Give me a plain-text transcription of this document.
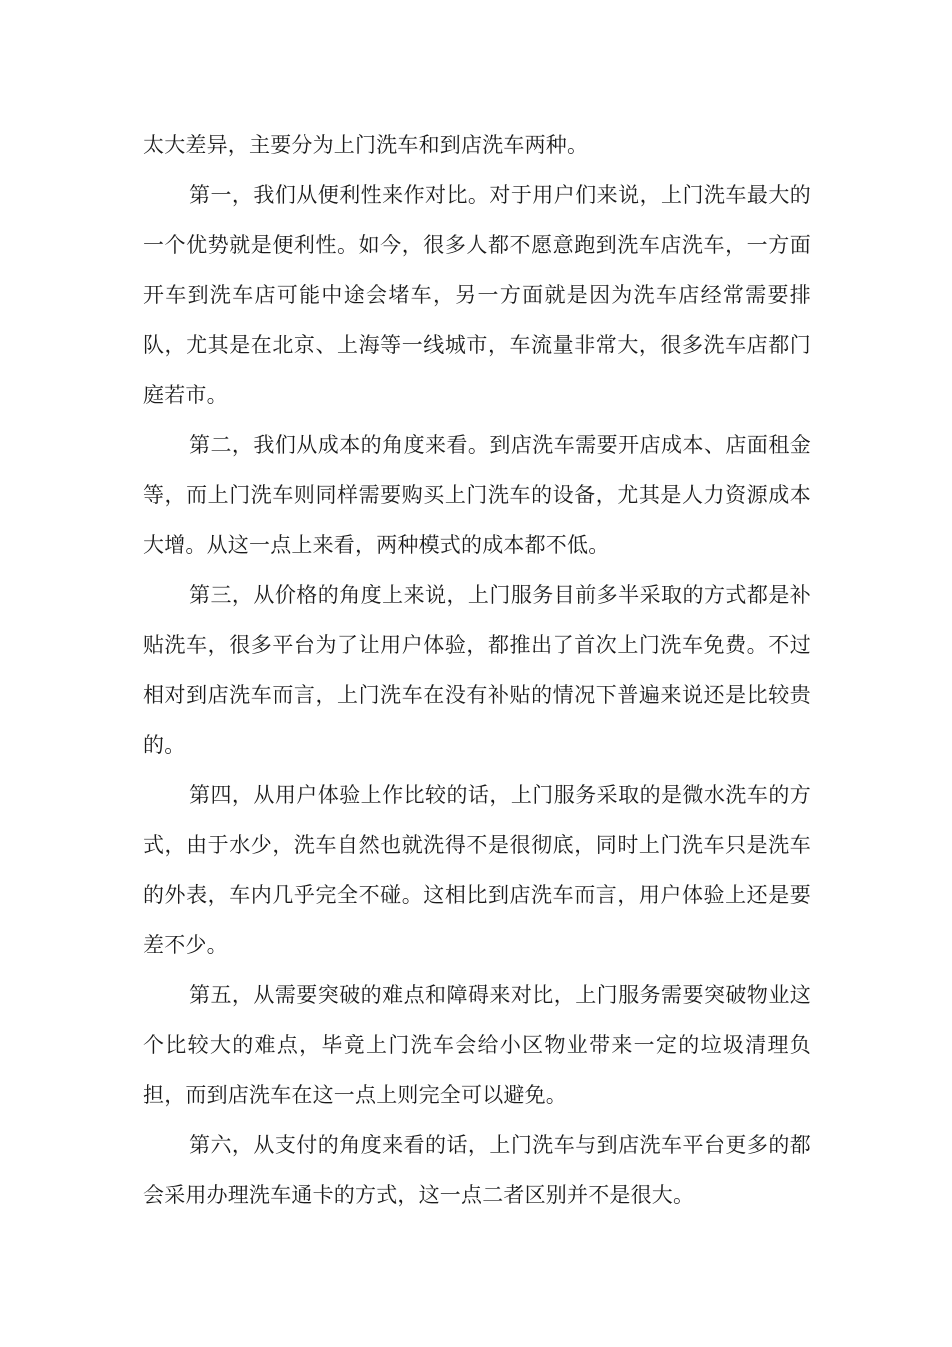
太大差异，主要分为上门洗车和到店洗车两种。

第一，我们从便利性来作对比。对于用户们来说，上门洗车最大的一个优势就是便利性。如今，很多人都不愿意跑到洗车店洗车，一方面开车到洗车店可能中途会堵车，另一方面就是因为洗车店经常需要排队，尤其是在北京、上海等一线城市，车流量非常大，很多洗车店都门庭若市。

第二，我们从成本的角度来看。到店洗车需要开店成本、店面租金等，而上门洗车则同样需要购买上门洗车的设备，尤其是人力资源成本大增。从这一点上来看，两种模式的成本都不低。

第三，从价格的角度上来说，上门服务目前多半采取的方式都是补贴洗车，很多平台为了让用户体验，都推出了首次上门洗车免费。不过相对到店洗车而言，上门洗车在没有补贴的情况下普遍来说还是比较贵的。

第四，从用户体验上作比较的话，上门服务采取的是微水洗车的方式，由于水少，洗车自然也就洗得不是很彻底，同时上门洗车只是洗车的外表，车内几乎完全不碰。这相比到店洗车而言，用户体验上还是要差不少。

第五，从需要突破的难点和障碍来对比，上门服务需要突破物业这个比较大的难点，毕竟上门洗车会给小区物业带来一定的垃圾清理负担，而到店洗车在这一点上则完全可以避免。

第六，从支付的角度来看的话，上门洗车与到店洗车平台更多的都会采用办理洗车通卡的方式，这一点二者区别并不是很大。
